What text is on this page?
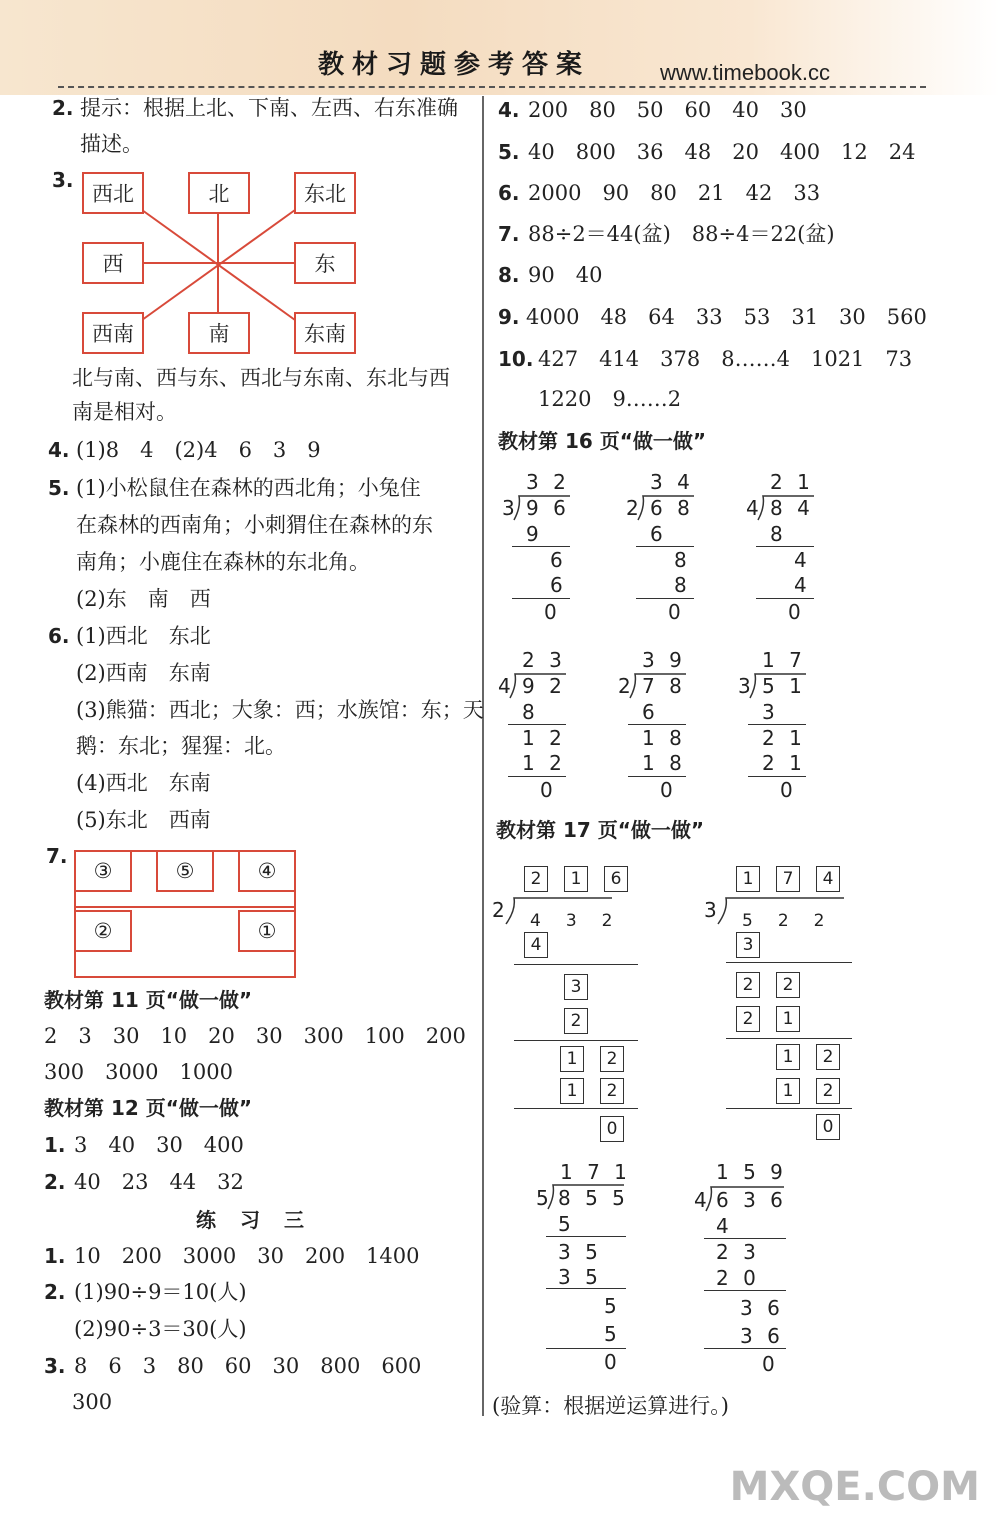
教材习题参考答案	www.timebook.cc
2. 提示：根据上北、下南、左西、右东准确
描述。
3.
西北	北	东北
西	东
西南	南	东南
北与南、西与东、西北与东南、东北与西
南是相对。
4. (1)8　4　(2)4　6　3　9
5. (1)小松鼠住在森林的西北角；小兔住
在森林的西南角；小刺猬住在森林的东
南角；小鹿住在森林的东北角。
(2)东　南　西
6. (1)西北　东北
(2)西南　东南
(3)熊猫：西北；大象：西；水族馆：东；天
鹅：东北；猩猩：北。
(4)西北　东南
(5)东北　西南
7.
③	⑤	④
②	①
教材第 11 页“做一做”
2　3　30　10　20　30　300　100　200
300　3000　1000
教材第 12 页“做一做”
1. 3　40　30　400
2. 40　23　44　32
练　习　三
1. 10　200　3000　30　200　1400
2. (1)90÷9＝10(人)
(2)90÷3＝30(人)
3. 8　6　3　80　60　30　800　600
300
4. 200　80　50　60　40　30
5. 40　800　36　48　20　400　12　24
6. 2000　90　80　21　42　33
7. 88÷2＝44(盆)　88÷4＝22(盆)
8. 90　40
9. 4000　48　64　33　53　31　30　560
10. 427　414　378　8……4　1021　73
1220　9……2
教材第 16 页“做一做”
3 2
3 9 6
9
6
6
0
3 4
2 6 8
6
8
8
0
2 1
4 8 4
8
4
4
0
2 3
4 9 2
8
1 2
1 2
0
3 9
2 7 8
6
1 8
1 8
0
1 7
3 5 1
3
2 1
2 1
0
教材第 17 页“做一做”
2	1	6
2 4　3　2
4
3
2
1	2
1	2
0
1	7	4
3 5　2　2
3
2	2
2	1
1	2
1	2
0
1 7 1
5 8 5 5
5
3 5
3 5
5
5
0
1 5 9
4 6 3 6
4
2 3
2 0
3 6
3 6
0
(验算：根据逆运算进行。)
MXQE.COM
